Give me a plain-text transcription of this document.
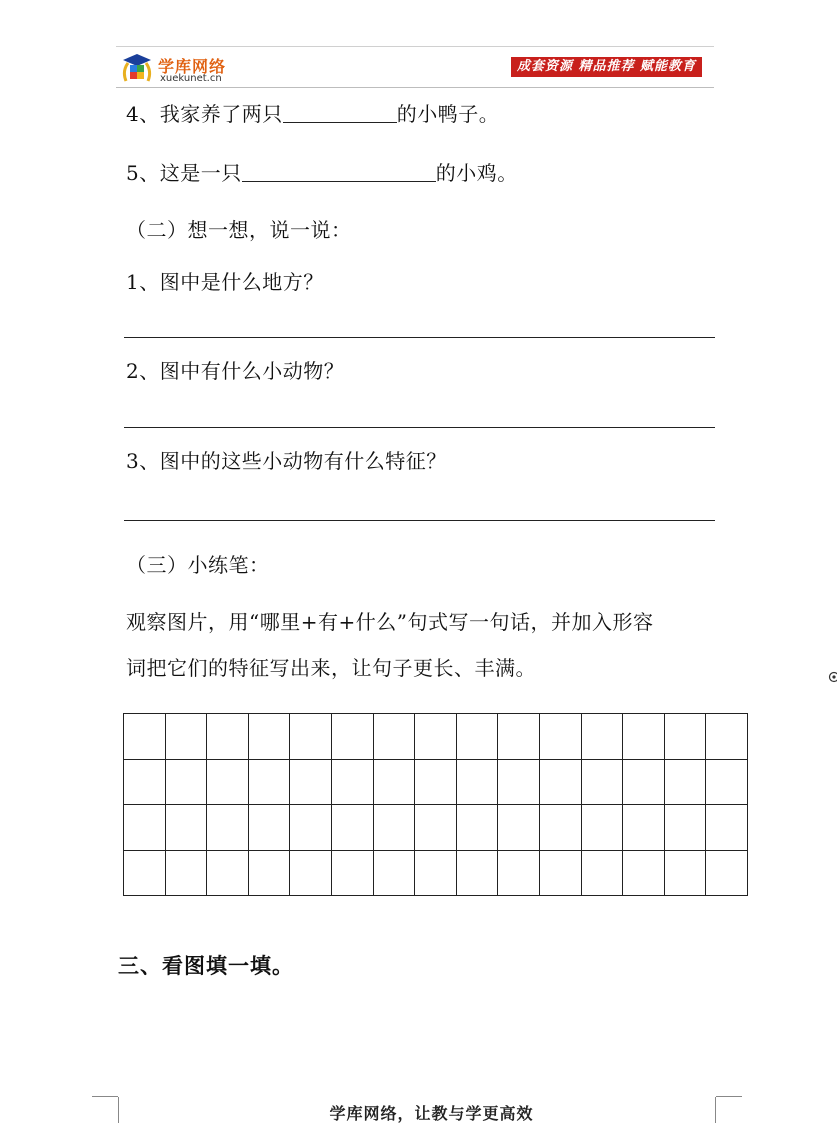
学库网络
xuekunet.cn
成套资源 精品推荐 赋能教育
4、我家养了两只	的小鸭子。
5、这是一只	的小鸡。
（二）想一想，说一说：
1、图中是什么地方？
2、图中有什么小动物？
3、图中的这些小动物有什么特征？
（三）小练笔：
观察图片，用“哪里+有+什么”句式写一句话，并加入形容
词把它们的特征写出来，让句子更长、丰满。

三、看图填一填。
学库网络，让教与学更高效
